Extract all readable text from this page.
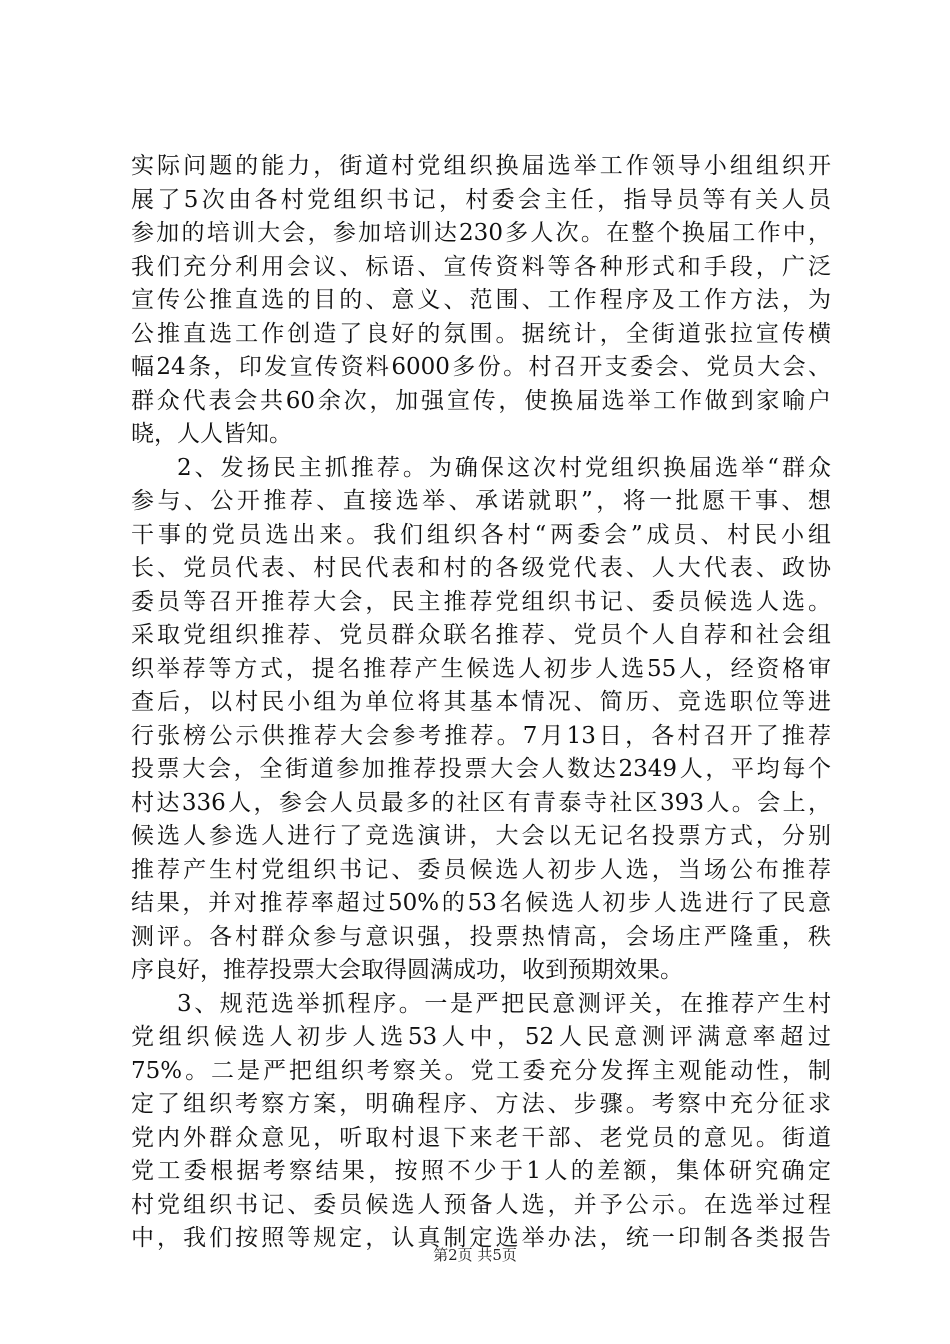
实际问题的能力，街道村党组织换届选举工作领导小组组织开
展了5次由各村党组织书记，村委会主任，指导员等有关人员
参加的培训大会，参加培训达230多人次。在整个换届工作中，
我们充分利用会议、标语、宣传资料等各种形式和手段，广泛
宣传公推直选的目的、意义、范围、工作程序及工作方法，为
公推直选工作创造了良好的氛围。据统计，全街道张拉宣传横
幅24条，印发宣传资料6000多份。村召开支委会、党员大会、
群众代表会共60余次，加强宣传，使换届选举工作做到家喻户
晓，人人皆知。
2、发扬民主抓推荐。为确保这次村党组织换届选举“群众
参与、公开推荐、直接选举、承诺就职”，将一批愿干事、想
干事的党员选出来。我们组织各村“两委会”成员、村民小组
长、党员代表、村民代表和村的各级党代表、人大代表、政协
委员等召开推荐大会，民主推荐党组织书记、委员候选人选。
采取党组织推荐、党员群众联名推荐、党员个人自荐和社会组
织举荐等方式，提名推荐产生候选人初步人选55人，经资格审
查后，以村民小组为单位将其基本情况、简历、竞选职位等进
行张榜公示供推荐大会参考推荐。7月13日，各村召开了推荐
投票大会，全街道参加推荐投票大会人数达2349人，平均每个
村达336人，参会人员最多的社区有青泰寺社区393人。会上，
候选人参选人进行了竞选演讲，大会以无记名投票方式，分别
推荐产生村党组织书记、委员候选人初步人选，当场公布推荐
结果，并对推荐率超过50%的53名候选人初步人选进行了民意
测评。各村群众参与意识强，投票热情高，会场庄严隆重，秩
序良好，推荐投票大会取得圆满成功，收到预期效果。
3、规范选举抓程序。一是严把民意测评关，在推荐产生村
党组织候选人初步人选53人中，52人民意测评满意率超过
75%。二是严把组织考察关。党工委充分发挥主观能动性，制
定了组织考察方案，明确程序、方法、步骤。考察中充分征求
党内外群众意见，听取村退下来老干部、老党员的意见。街道
党工委根据考察结果，按照不少于1人的差额，集体研究确定
村党组织书记、委员候选人预备人选，并予公示。在选举过程
中，我们按照等规定，认真制定选举办法，统一印制各类报告
第2页 共5页
